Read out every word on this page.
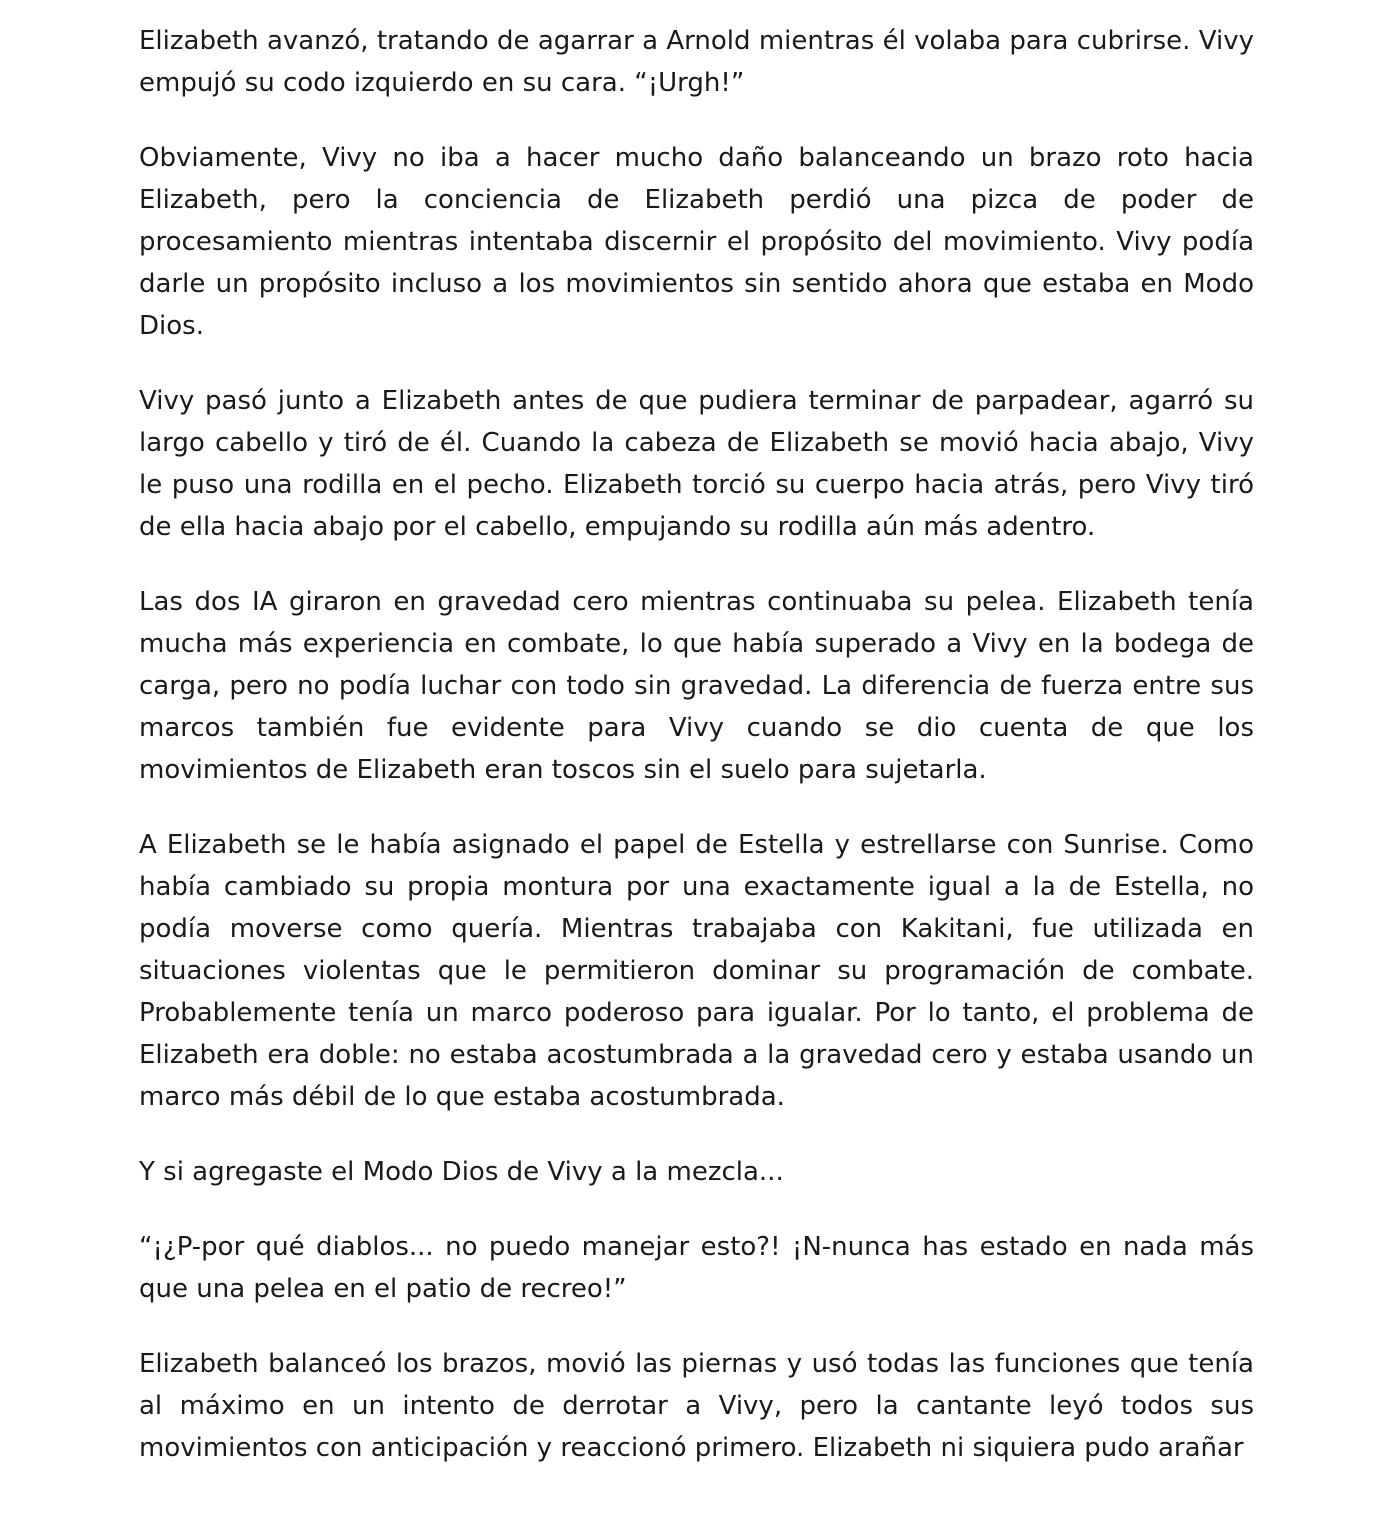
Elizabeth avanzó, tratando de agarrar a Arnold mientras él volaba para cubrirse. Vivy empujó su codo izquierdo en su cara. “¡Urgh!”

Obviamente, Vivy no iba a hacer mucho daño balanceando un brazo roto hacia Elizabeth, pero la conciencia de Elizabeth perdió una pizca de poder de procesamiento mientras intentaba discernir el propósito del movimiento. Vivy podía darle un propósito incluso a los movimientos sin sentido ahora que estaba en Modo Dios.

Vivy pasó junto a Elizabeth antes de que pudiera terminar de parpadear, agarró su largo cabello y tiró de él. Cuando la cabeza de Elizabeth se movió hacia abajo, Vivy le puso una rodilla en el pecho. Elizabeth torció su cuerpo hacia atrás, pero Vivy tiró de ella hacia abajo por el cabello, empujando su rodilla aún más adentro.

Las dos IA giraron en gravedad cero mientras continuaba su pelea. Elizabeth tenía mucha más experiencia en combate, lo que había superado a Vivy en la bodega de carga, pero no podía luchar con todo sin gravedad. La diferencia de fuerza entre sus marcos también fue evidente para Vivy cuando se dio cuenta de que los movimientos de Elizabeth eran toscos sin el suelo para sujetarla.

A Elizabeth se le había asignado el papel de Estella y estrellarse con Sunrise. Como había cambiado su propia montura por una exactamente igual a la de Estella, no podía moverse como quería. Mientras trabajaba con Kakitani, fue utilizada en situaciones violentas que le permitieron dominar su programación de combate. Probablemente tenía un marco poderoso para igualar. Por lo tanto, el problema de Elizabeth era doble: no estaba acostumbrada a la gravedad cero y estaba usando un marco más débil de lo que estaba acostumbrada.

Y si agregaste el Modo Dios de Vivy a la mezcla...

“¡¿P-por qué diablos... no puedo manejar esto?! ¡N-nunca has estado en nada más que una pelea en el patio de recreo!”

Elizabeth balanceó los brazos, movió las piernas y usó todas las funciones que tenía al máximo en un intento de derrotar a Vivy, pero la cantante leyó todos sus movimientos con anticipación y reaccionó primero. Elizabeth ni siquiera pudo arañar
